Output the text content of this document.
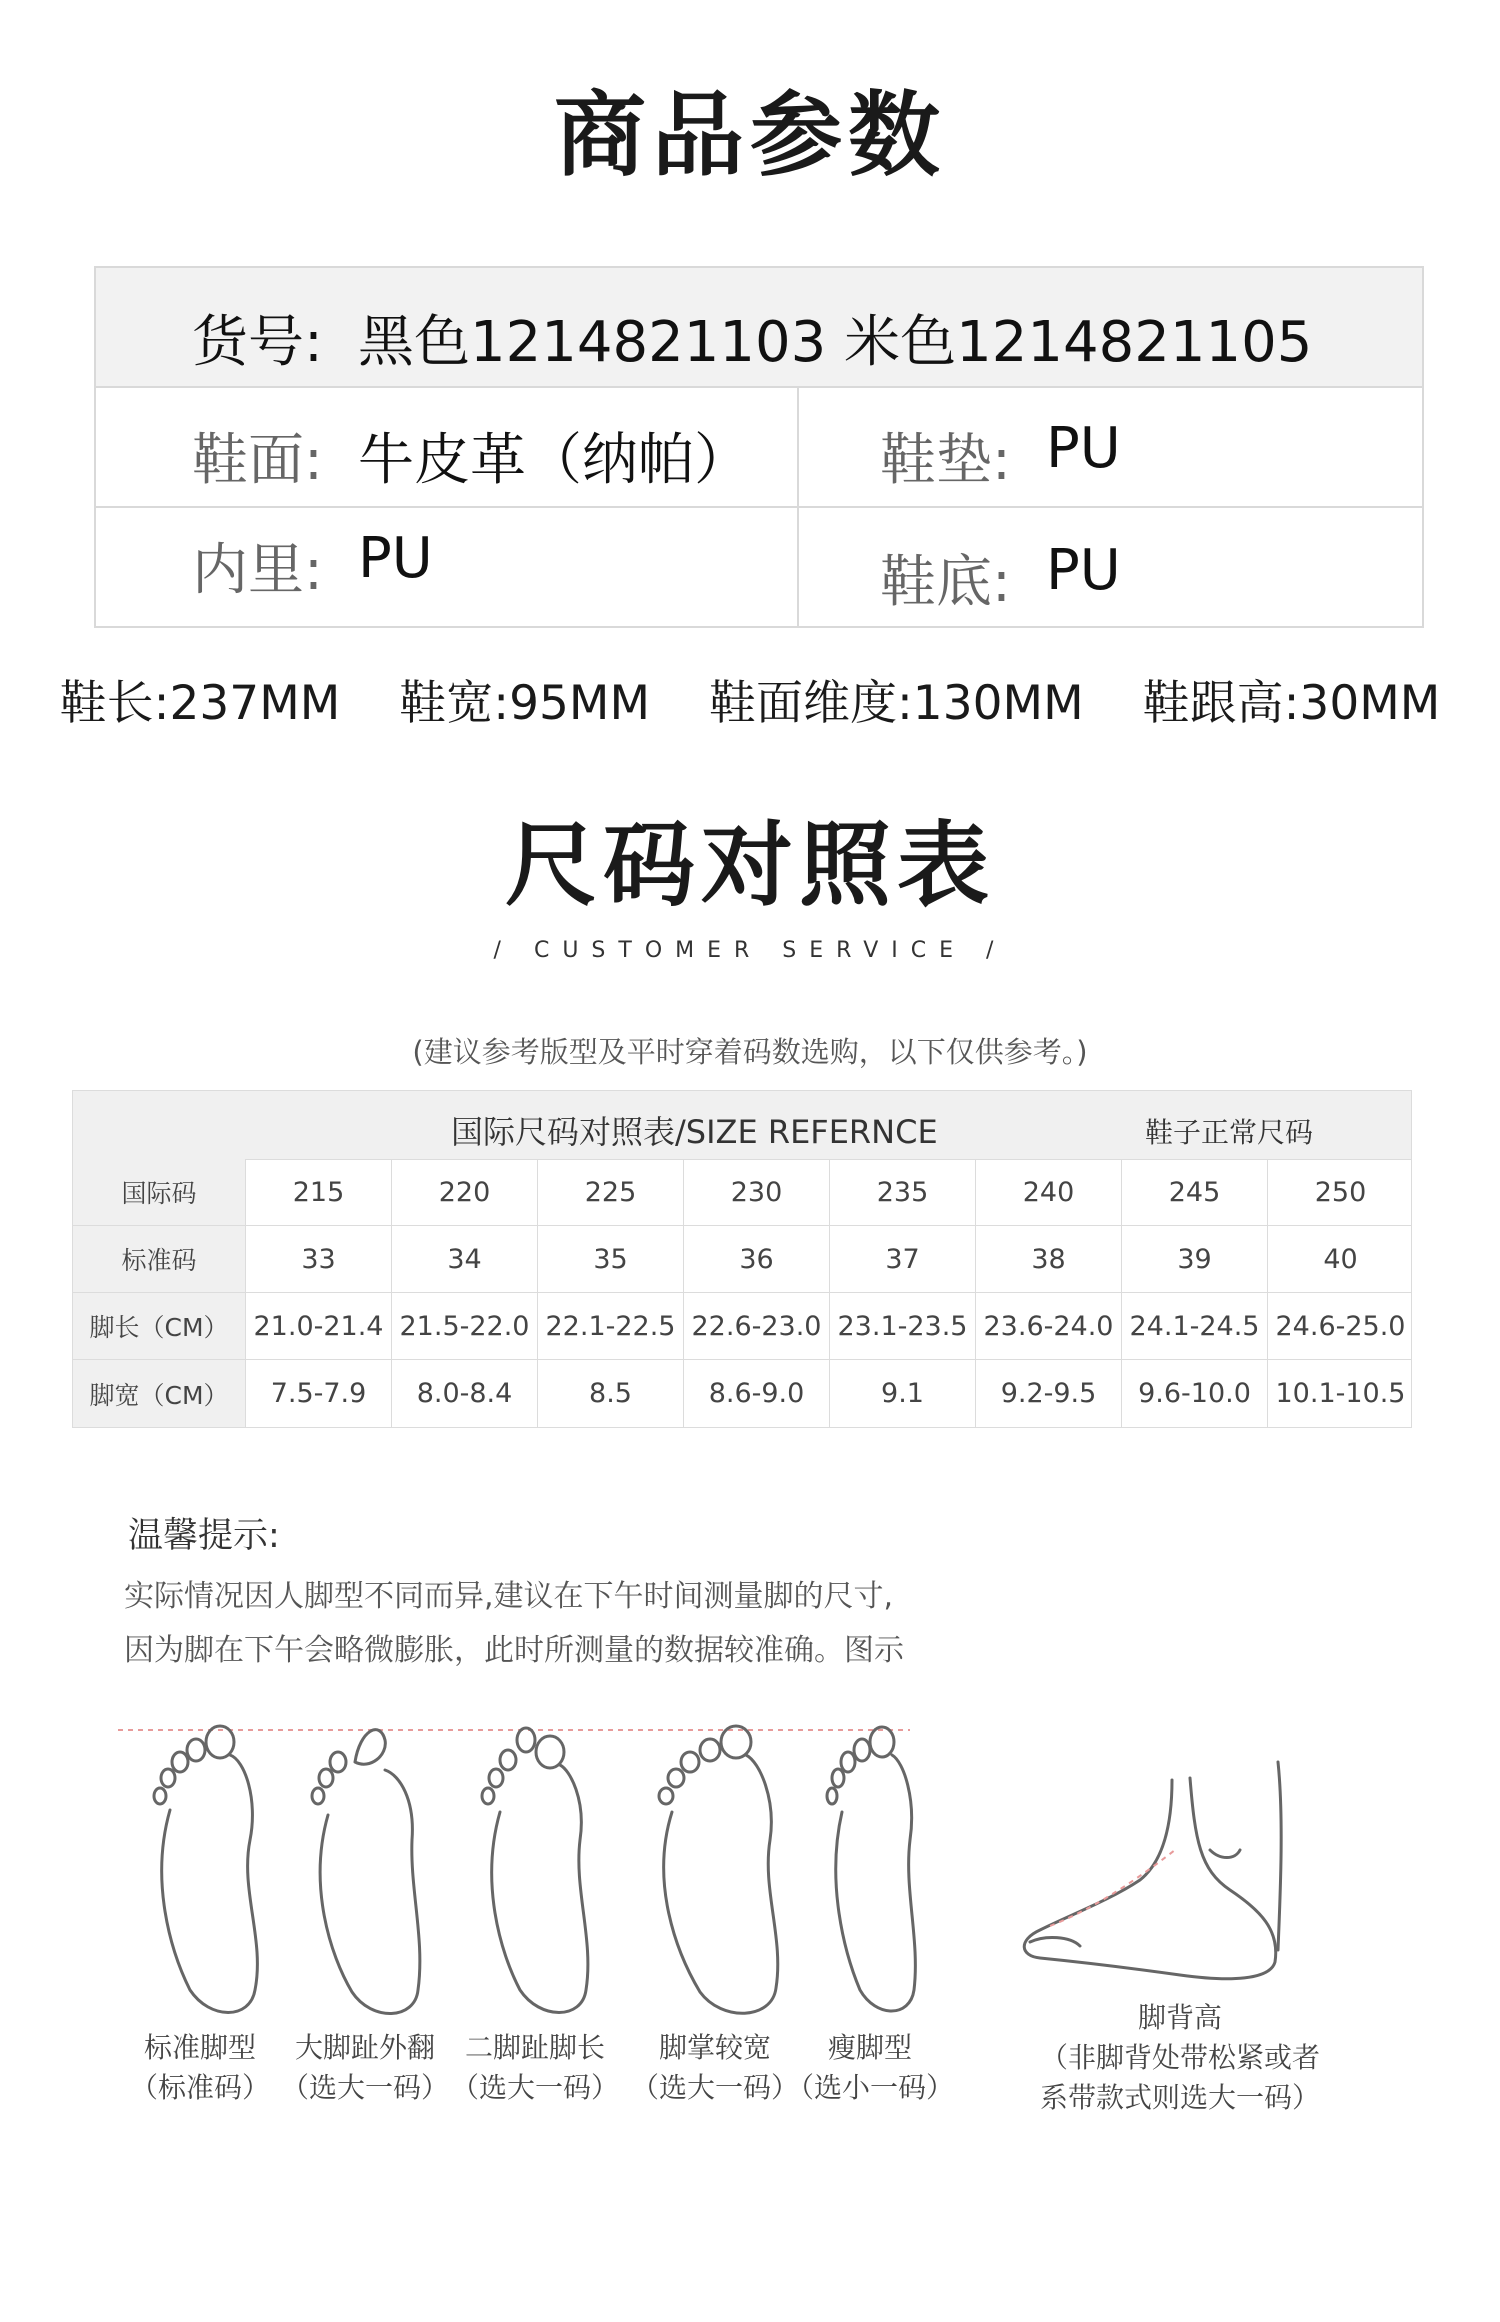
商品参数
货号: 黑色1214821103 米色1214821105
鞋面: 牛皮革（纳帕） 鞋垫: PU
内里: PU	鞋底: PU
鞋长:237MM 鞋宽:95MM 鞋面维度:130MM 鞋跟高:30MM
尺码对照表
/ CUSTOMER SERVICE /
(建议参考版型及平时穿着码数选购，以下仅供参考。)
国际尺码对照表/SIZE REFERNCE	鞋子正常尺码
国际码	215	220	225	230	235	240	245	250
标准码	33	34	35	36	37	38	39	40
脚长（CM） 21.0-21.4 21.5-22.0 22.1-22.5 22.6-23.0 23.1-23.5 23.6-24.0 24.1-24.5 24.6-25.0
脚宽（CM）	7.5-7.9	8.0-8.4	8.5	8.6-9.0	9.1	9.2-9.5	9.6-10.0 10.1-10.5
温馨提示:
实际情况因人脚型不同而异,建议在下午时间测量脚的尺寸,
因为脚在下午会略微膨胀，此时所测量的数据较准确。图示
标准脚型
（标准码）
大脚趾外翻
（选大一码）
二脚趾脚长
（选大一码）
脚掌较宽
（选大一码）
瘦脚型
（选小一码）
脚背高
（非脚背处带松紧或者
系带款式则选大一码）
